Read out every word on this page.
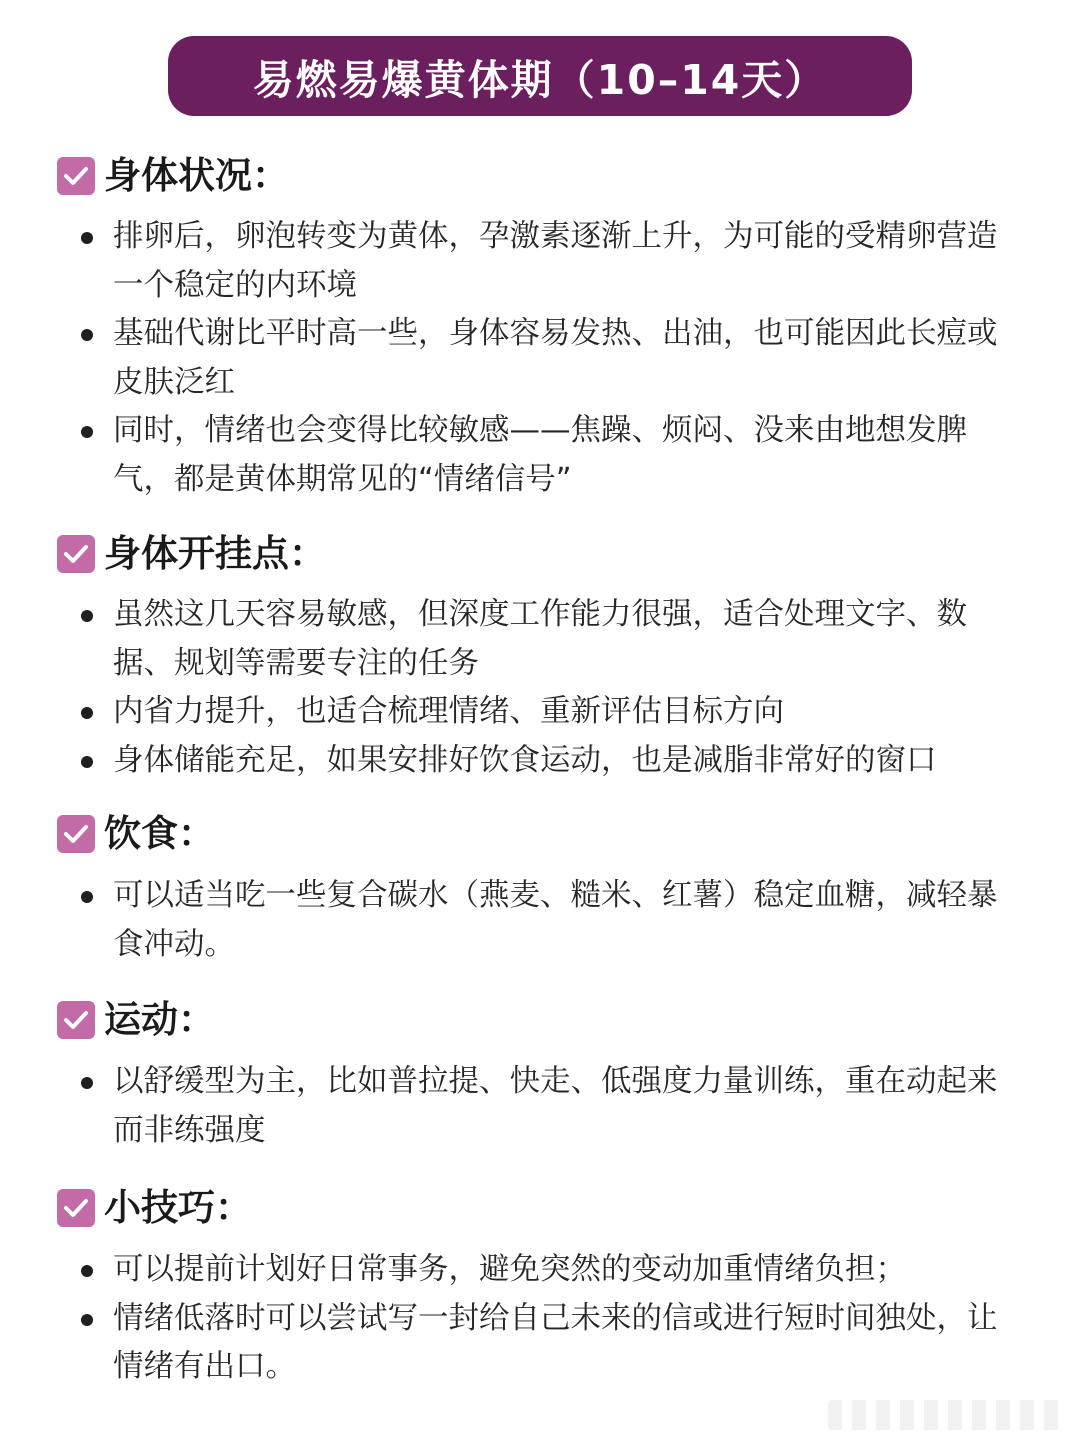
易燃易爆黄体期（10–14天）
身体状况：
排卵后，卵泡转变为黄体，孕激素逐渐上升，为可能的受精卵营造一个稳定的内环境
基础代谢比平时高一些，身体容易发热、出油，也可能因此长痘或皮肤泛红
同时，情绪也会变得比较敏感——焦躁、烦闷、没来由地想发脾气，都是黄体期常见的“情绪信号”
身体开挂点：
虽然这几天容易敏感，但深度工作能力很强，适合处理文字、数据、规划等需要专注的任务
内省力提升，也适合梳理情绪、重新评估目标方向
身体储能充足，如果安排好饮食运动，也是减脂非常好的窗口
饮食：
可以适当吃一些复合碳水（燕麦、糙米、红薯）稳定血糖，减轻暴食冲动。
运动：
以舒缓型为主，比如普拉提、快走、低强度力量训练，重在动起来而非练强度
小技巧：
可以提前计划好日常事务，避免突然的变动加重情绪负担；
情绪低落时可以尝试写一封给自己未来的信或进行短时间独处，让情绪有出口。
